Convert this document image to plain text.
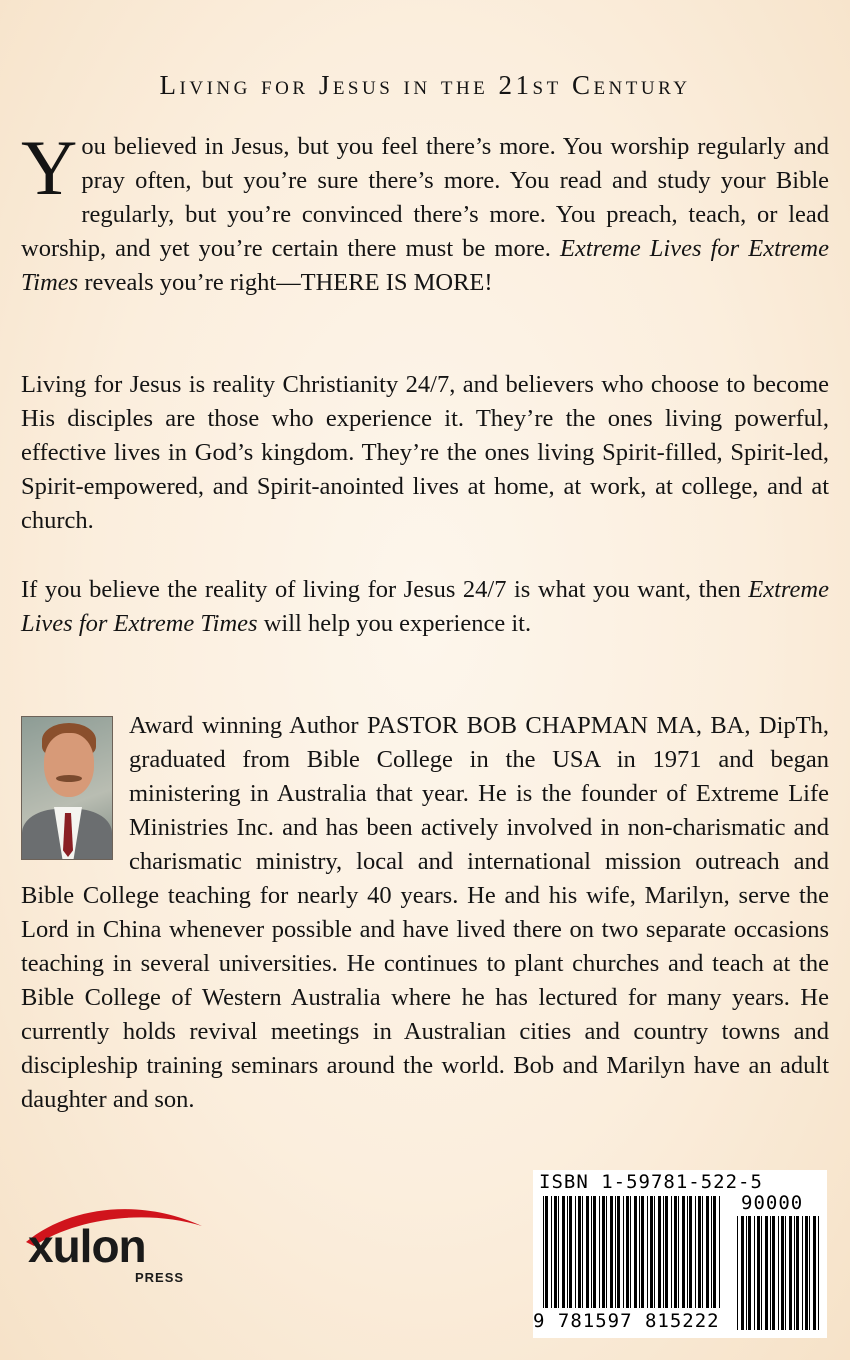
Living for Jesus in the 21st Century

You believed in Jesus, but you feel there’s more. You worship regularly and pray often, but you’re sure there’s more. You read and study your Bible regularly, but you’re convinced there’s more. You preach, teach, or lead worship, and yet you’re certain there must be more. Extreme Lives for Extreme Times reveals you’re right—THERE IS MORE!

Living for Jesus is reality Christianity 24/7, and believers who choose to become His disciples are those who experience it. They’re the ones living powerful, effective lives in God’s kingdom. They’re the ones living Spirit-filled, Spirit-led, Spirit-empowered, and Spirit-anointed lives at home, at work, at college, and at church.

If you believe the reality of living for Jesus 24/7 is what you want, then Extreme Lives for Extreme Times will help you experience it.

Award winning Author PASTOR BOB CHAPMAN MA, BA, DipTh, graduated from Bible College in the USA in 1971 and began ministering in Australia that year. He is the founder of Extreme Life Ministries Inc. and has been actively involved in non-charismatic and charismatic ministry, local and international mission outreach and Bible College teaching for nearly 40 years. He and his wife, Marilyn, serve the Lord in China whenever possible and have lived there on two separate occasions teaching in several universities. He continues to plant churches and teach at the Bible College of Western Australia where he has lectured for many years. He currently holds revival meetings in Australian cities and country towns and discipleship training seminars around the world. Bob and Marilyn have an adult daughter and son.

xulon
PRESS
ISBN 1-59781-522-5
90000
9 781597 815222
